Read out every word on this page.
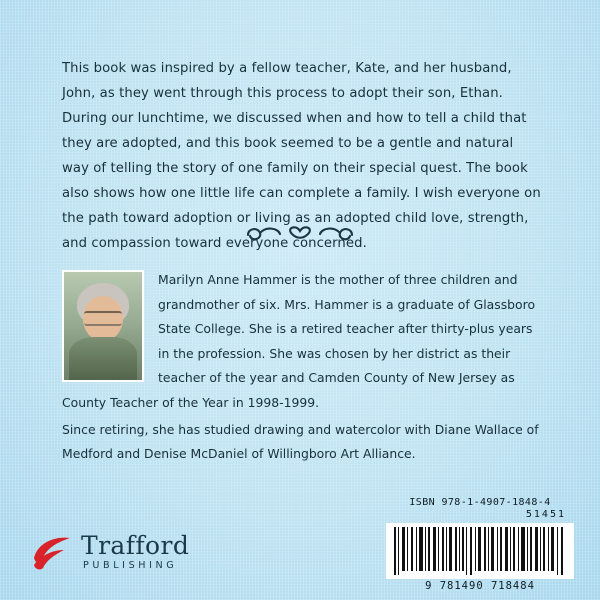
This book was inspired by a fellow teacher, Kate, and her husband, John, as they went through this process to adopt their son, Ethan. During our lunchtime, we discussed when and how to tell a child that they are adopted, and this book seemed to be a gentle and natural way of telling the story of one family on their special quest. The book also shows how one little life can complete a family. I wish everyone on the path toward adoption or living as an adopted child love, strength, and compassion toward everyone concerned.
Marilyn Anne Hammer is the mother of three children and grandmother of six. Mrs. Hammer is a graduate of Glassboro State College. She is a retired teacher after thirty-plus years in the profession. She was chosen by her district as their teacher of the year and Camden County of New Jersey as County Teacher of the Year in 1998-1999.
Since retiring, she has studied drawing and watercolor with Diane Wallace of Medford and Denise McDaniel of Willingboro Art Alliance.
ISBN 978-1-4907-1848-4
51451
9 781490 718484
Trafford
PUBLISHING
